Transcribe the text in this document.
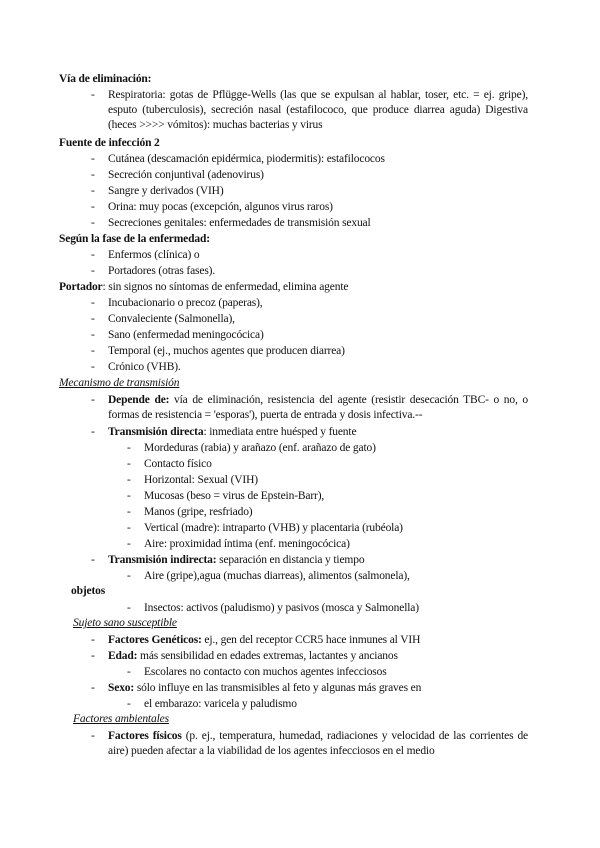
Vía de eliminación:
- Respiratoria: gotas de Pflügge-Wells (las que se expulsan al hablar, toser, etc. = ej. gripe), esputo (tuberculosis), secreción nasal (estafilococo, que produce diarrea aguda) Digestiva (heces >>>> vómitos): muchas bacterias y virus
Fuente de infección 2
- Cutánea (descamación epidérmica, piodermitis): estafilococos
- Secreción conjuntival (adenovirus)
- Sangre y derivados (VIH)
- Orina: muy pocas (excepción, algunos virus raros)
- Secreciones genitales: enfermedades de transmisión sexual
Según la fase de la enfermedad:
- Enfermos (clínica) o
- Portadores (otras fases).
Portador: sin signos no síntomas de enfermedad, elimina agente
- Incubacionario o precoz (paperas),
- Convaleciente (Salmonella),
- Sano (enfermedad meningocócica)
- Temporal (ej., muchos agentes que producen diarrea)
- Crónico (VHB).
Mecanismo de transmisión
- Depende de: vía de eliminación, resistencia del agente (resistir desecación TBC- o no, o formas de resistencia = 'esporas'), puerta de entrada y dosis infectiva.--
- Transmisión directa: inmediata entre huésped y fuente
- Mordeduras (rabia) y arañazo (enf. arañazo de gato)
- Contacto físico
- Horizontal: Sexual (VIH)
- Mucosas (beso = virus de Epstein-Barr),
- Manos (gripe, resfriado)
- Vertical (madre): intraparto (VHB) y placentaria (rubéola)
- Aire: proximidad íntima (enf. meningocócica)
- Transmisión indirecta: separación en distancia y tiempo
- Aire (gripe),agua (muchas diarreas), alimentos (salmonela),
objetos
- Insectos: activos (paludismo) y pasivos (mosca y Salmonella)
Sujeto sano susceptible
- Factores Genéticos: ej., gen del receptor CCR5 hace inmunes al VIH
- Edad: más sensibilidad en edades extremas, lactantes y ancianos
- Escolares no contacto con muchos agentes infecciosos
- Sexo: sólo influye en las transmisibles al feto y algunas más graves en
- el embarazo: varicela y paludismo
Factores ambientales
- Factores físicos (p. ej., temperatura, humedad, radiaciones y velocidad de las corrientes de aire) pueden afectar a la viabilidad de los agentes infecciosos en el medio
